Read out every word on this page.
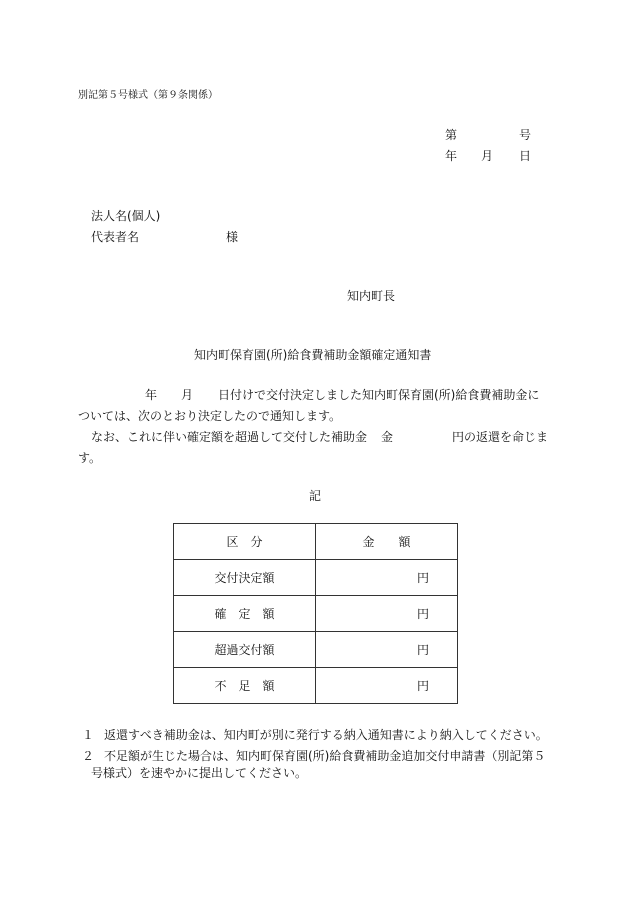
別記第５号様式（第９条関係）
第	号
年 月 日
法人名(個人)
代表者名	様
知内町長
知内町保育園(所)給食費補助金額確定通知書
年 月 日付けで交付決定しました知内町保育園(所)給食費補助金に
ついては、次のとおり決定したので通知します。
なお、これに伴い確定額を超過して交付した補助金 金	円の返還を命じま
す。
記
区　分	金　　額
交付決定額	円
確　定　額	円
超過交付額	円
不　足　額	円
１ 返還すべき補助金は、知内町が別に発行する納入通知書により納入してください。
２ 不足額が生じた場合は、知内町保育園(所)給食費補助金追加交付申請書（別記第５
号様式）を速やかに提出してください。
